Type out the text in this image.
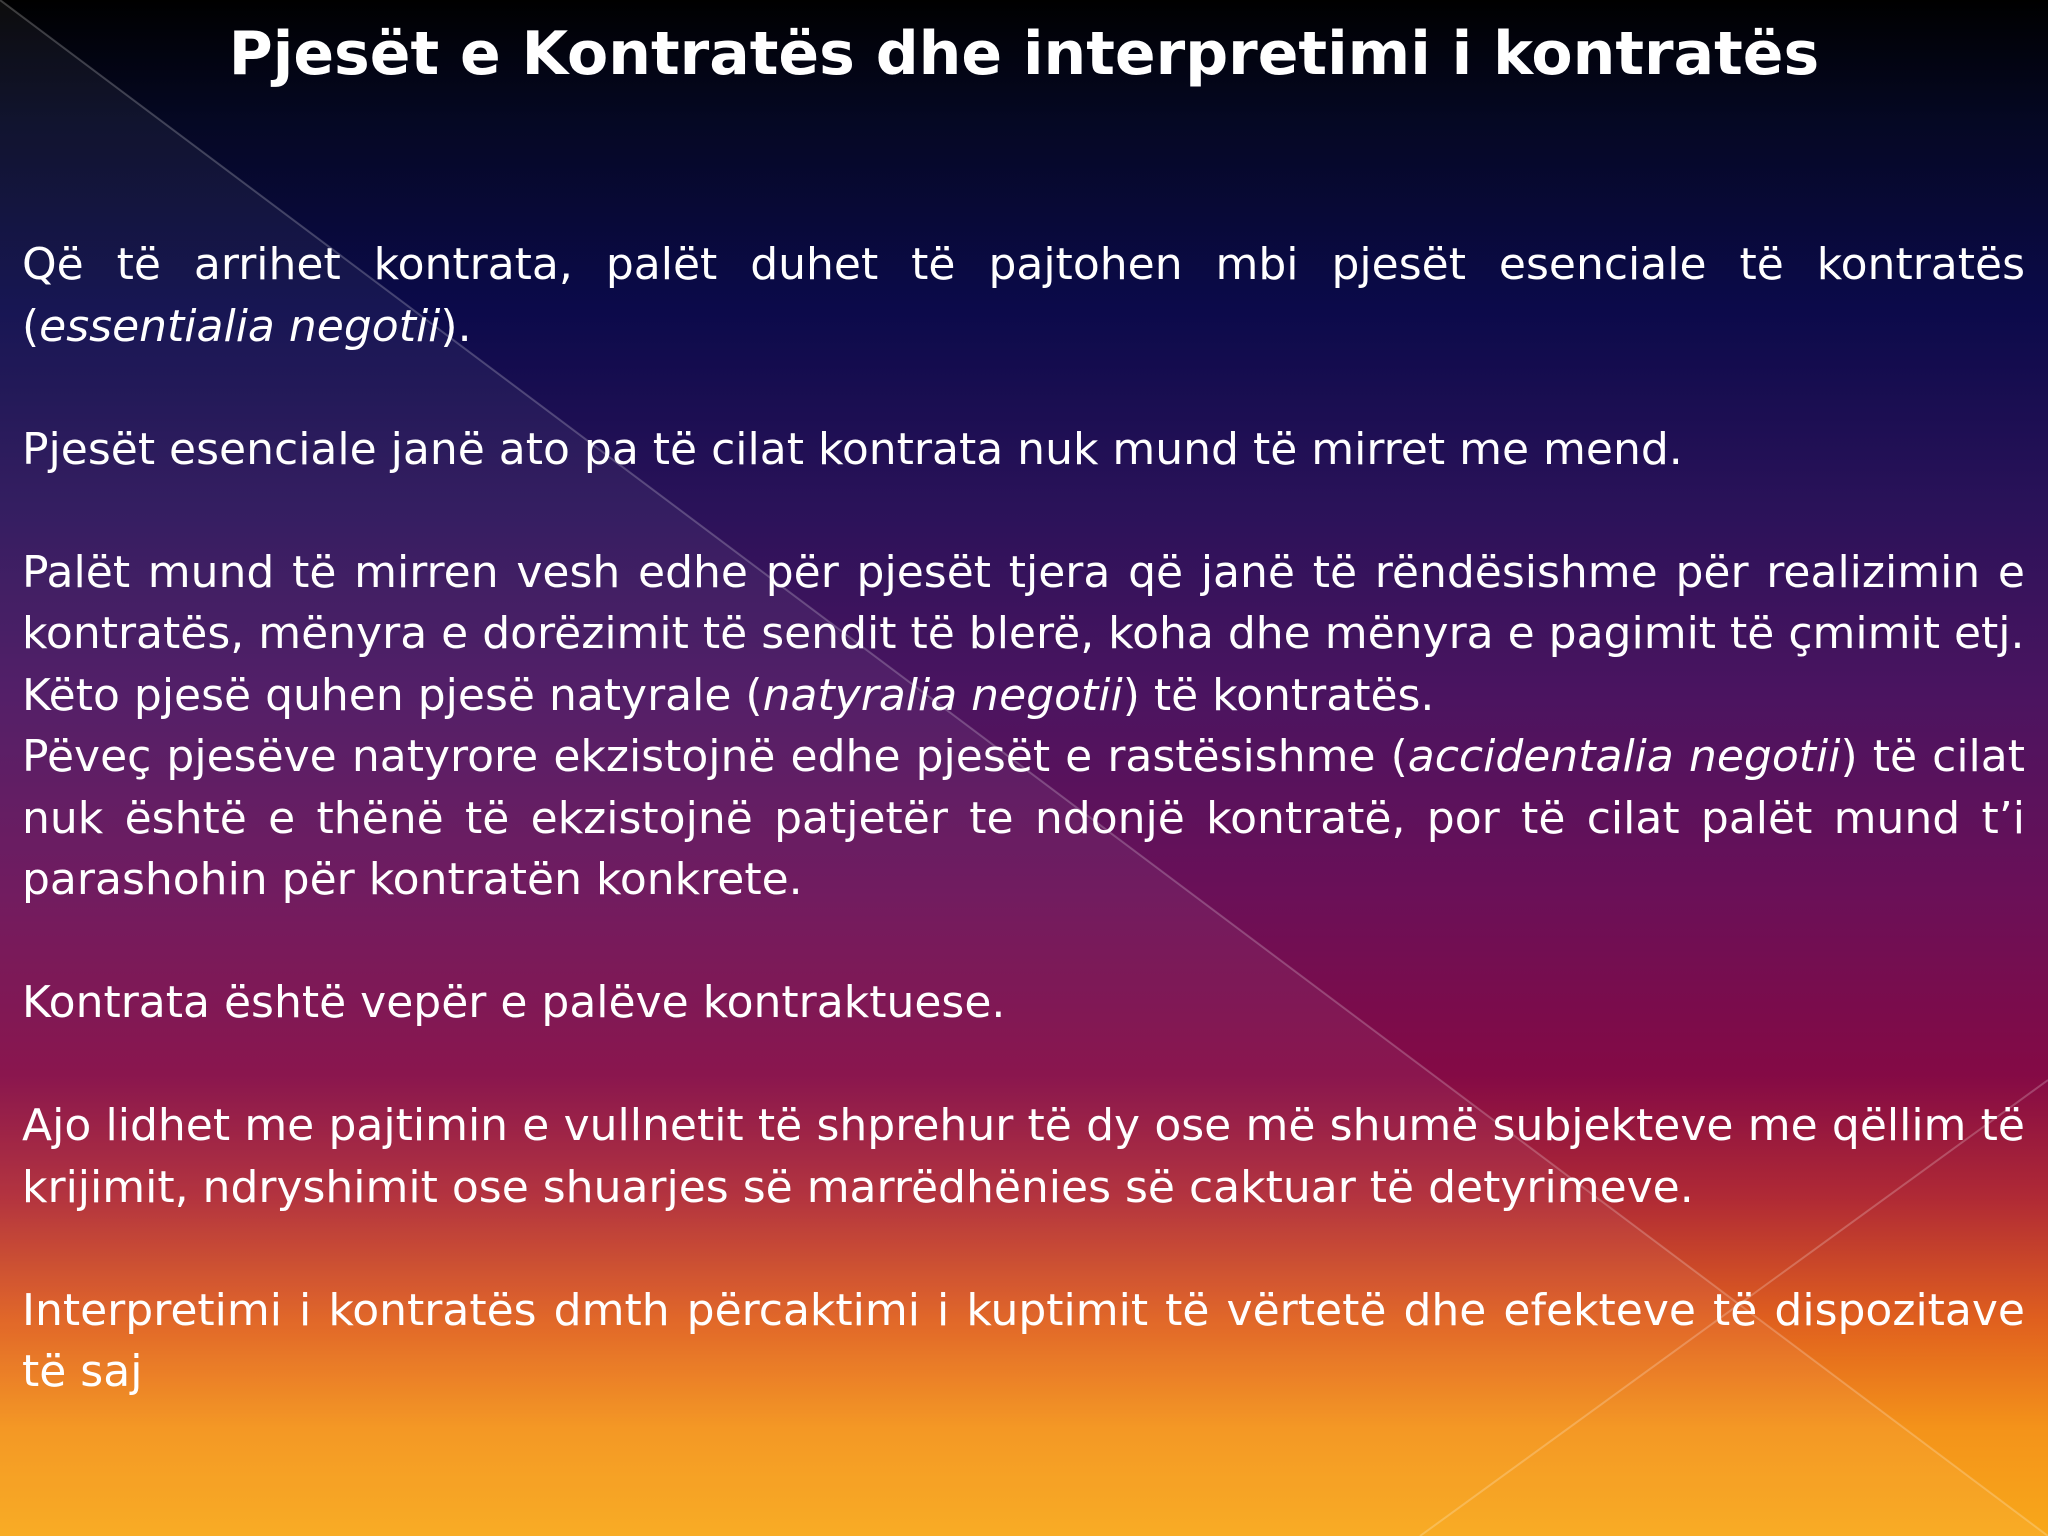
Pjesët e Kontratës dhe interpretimi i kontratës

Që të arrihet kontrata, palët duhet të pajtohen mbi pjesët esenciale të kontratës (essentialia negotii).

Pjesët esenciale janë ato pa të cilat kontrata nuk mund të mirret me mend.

Palët mund të mirren vesh edhe për pjesët tjera që janë të rëndësishme për realizimin e kontratës, mënyra e dorëzimit të sendit të blerë, koha dhe mënyra e pagimit të çmimit etj.

Këto pjesë quhen pjesë natyrale (natyralia negotii) të kontratës.

Pëveç pjesëve natyrore ekzistojnë edhe pjesët e rastësishme (accidentalia negotii) të cilat nuk është e thënë të ekzistojnë patjetër te ndonjë kontratë, por të cilat palët mund t’i parashohin për kontratën konkrete.

Kontrata është vepër e palëve kontraktuese.

Ajo lidhet me pajtimin e vullnetit të shprehur të dy ose më shumë subjekteve me qëllim të krijimit, ndryshimit ose shuarjes së marrëdhënies së caktuar të detyrimeve.

Interpretimi i kontratës dmth përcaktimi i kuptimit të vërtetë dhe efekteve të dispozitave të saj
